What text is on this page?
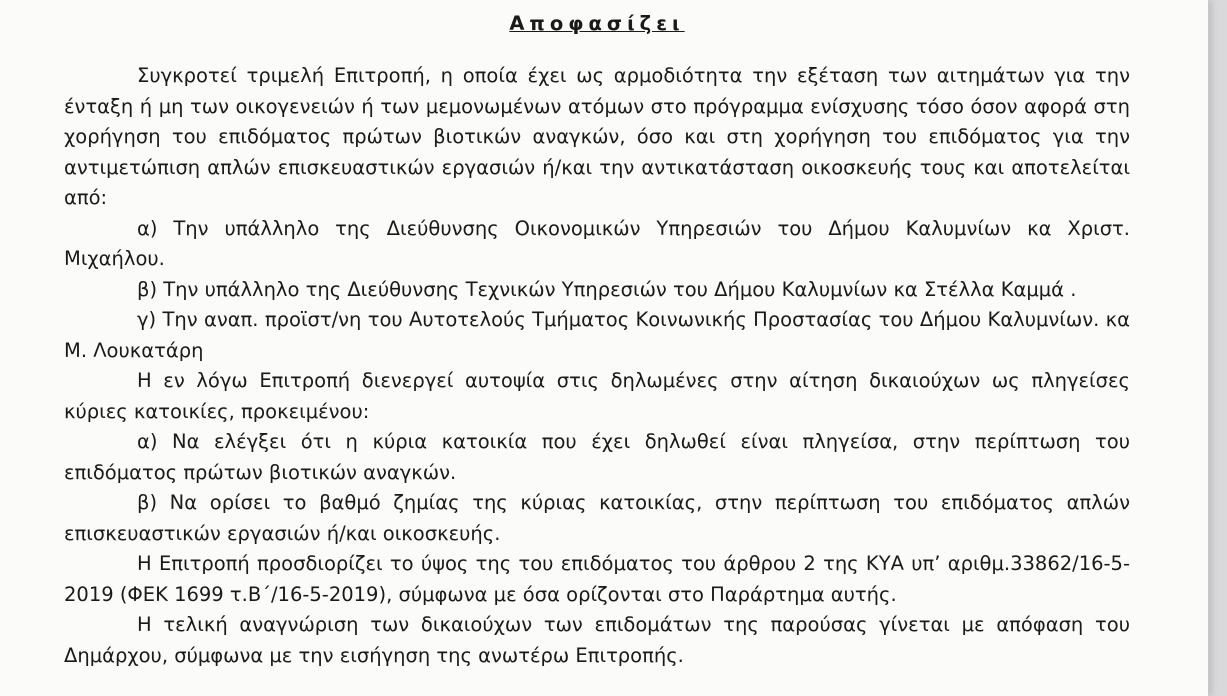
Αποφασίζει

Συγκροτεί τριμελή Επιτροπή, η οποία έχει ως αρμοδιότητα την εξέταση των αιτημάτων για την ένταξη ή μη των οικογενειών ή των μεμονωμένων ατόμων στο πρόγραμμα ενίσχυσης τόσο όσον αφορά στη χορήγηση του επιδόματος πρώτων βιοτικών αναγκών, όσο και στη χορήγηση του επιδόματος για την αντιμετώπιση απλών επισκευαστικών εργασιών ή/και την αντικατάσταση οικοσκευής τους και αποτελείται από:

α) Την υπάλληλο της Διεύθυνσης Οικονομικών Υπηρεσιών του Δήμου Καλυμνίων κα Χριστ. Μιχαήλου.

β) Την υπάλληλο της Διεύθυνσης Τεχνικών Υπηρεσιών του Δήμου Καλυμνίων κα Στέλλα Καμμά .

γ) Την αναπ. προϊστ/νη του Αυτοτελούς Τμήματος Κοινωνικής Προστασίας του Δήμου Καλυμνίων. κα Μ. Λουκατάρη

Η εν λόγω Επιτροπή διενεργεί αυτοψία στις δηλωμένες στην αίτηση δικαιούχων ως πληγείσες κύριες κατοικίες, προκειμένου:

α) Να ελέγξει ότι η κύρια κατοικία που έχει δηλωθεί είναι πληγείσα, στην περίπτωση του επιδόματος πρώτων βιοτικών αναγκών.

β) Να ορίσει το βαθμό ζημίας της κύριας κατοικίας, στην περίπτωση του επιδόματος απλών επισκευαστικών εργασιών ή/και οικοσκευής.

Η Επιτροπή προσδιορίζει το ύψος της του επιδόματος του άρθρου 2 της ΚΥΑ υπ’ αριθμ.33862/16-5-2019 (ΦΕΚ 1699 τ.Β΄/16-5-2019), σύμφωνα με όσα ορίζονται στο Παράρτημα αυτής.

Η τελική αναγνώριση των δικαιούχων των επιδομάτων της παρούσας γίνεται με απόφαση του Δημάρχου, σύμφωνα με την εισήγηση της ανωτέρω Επιτροπής.
